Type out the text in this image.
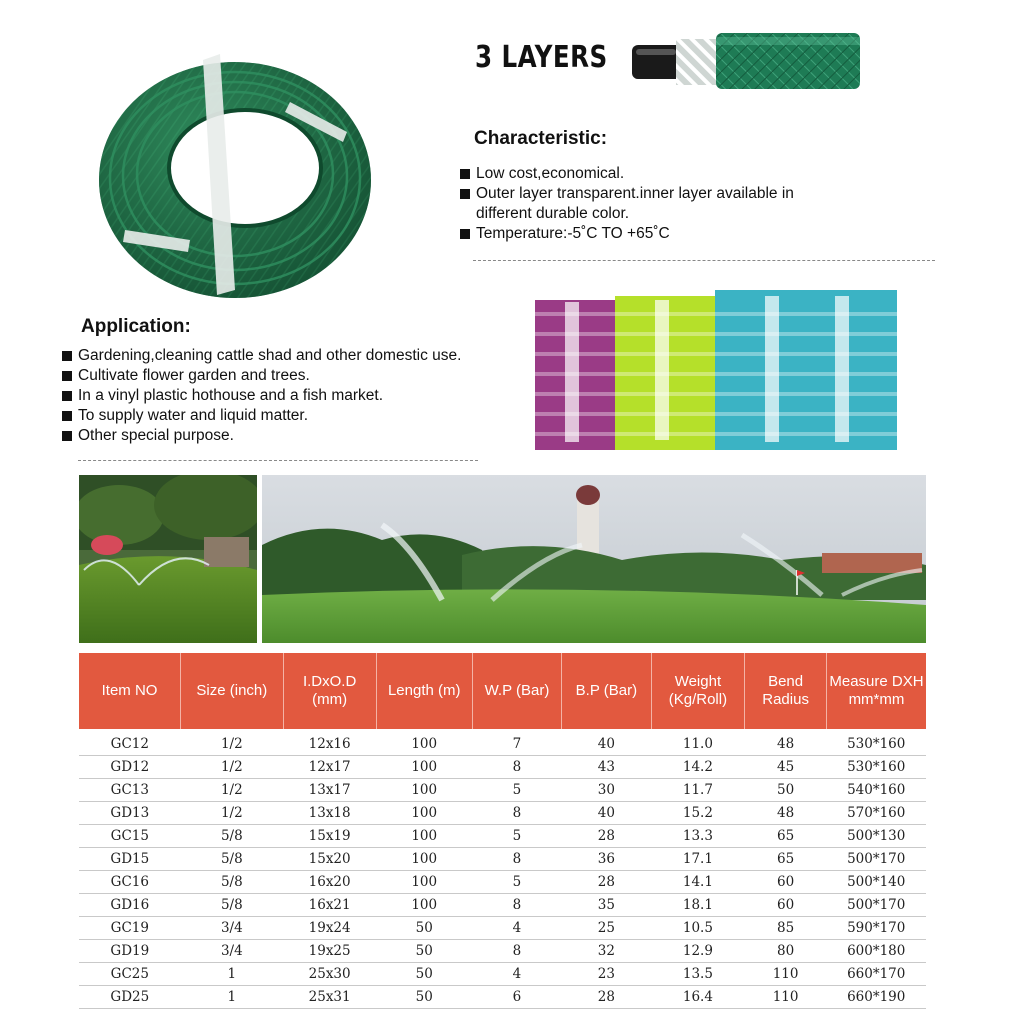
3 LAYERS
Characteristic:
Low cost,economical.
Outer layer transparent.inner layer available in different durable color.
Temperature:-5˚C TO +65˚C
Application:
Gardening,cleaning cattle shad and other domestic use.
Cultivate flower garden and trees.
In a vinyl plastic hothouse and a fish market.
To supply water and liquid matter.
Other special purpose.
Item NO	Size (inch)	I.DxO.D (mm)	Length (m)	W.P (Bar)	B.P (Bar)	Weight (Kg/Roll)	Bend Radius	Measure DXH mm*mm
GC12	1/2	12x16	100	7	40	11.0	48	530*160
GD12	1/2	12x17	100	8	43	14.2	45	530*160
GC13	1/2	13x17	100	5	30	11.7	50	540*160
GD13	1/2	13x18	100	8	40	15.2	48	570*160
GC15	5/8	15x19	100	5	28	13.3	65	500*130
GD15	5/8	15x20	100	8	36	17.1	65	500*170
GC16	5/8	16x20	100	5	28	14.1	60	500*140
GD16	5/8	16x21	100	8	35	18.1	60	500*170
GC19	3/4	19x24	50	4	25	10.5	85	590*170
GD19	3/4	19x25	50	8	32	12.9	80	600*180
GC25	1	25x30	50	4	23	13.5	110	660*170
GD25	1	25x31	50	6	28	16.4	110	660*190
